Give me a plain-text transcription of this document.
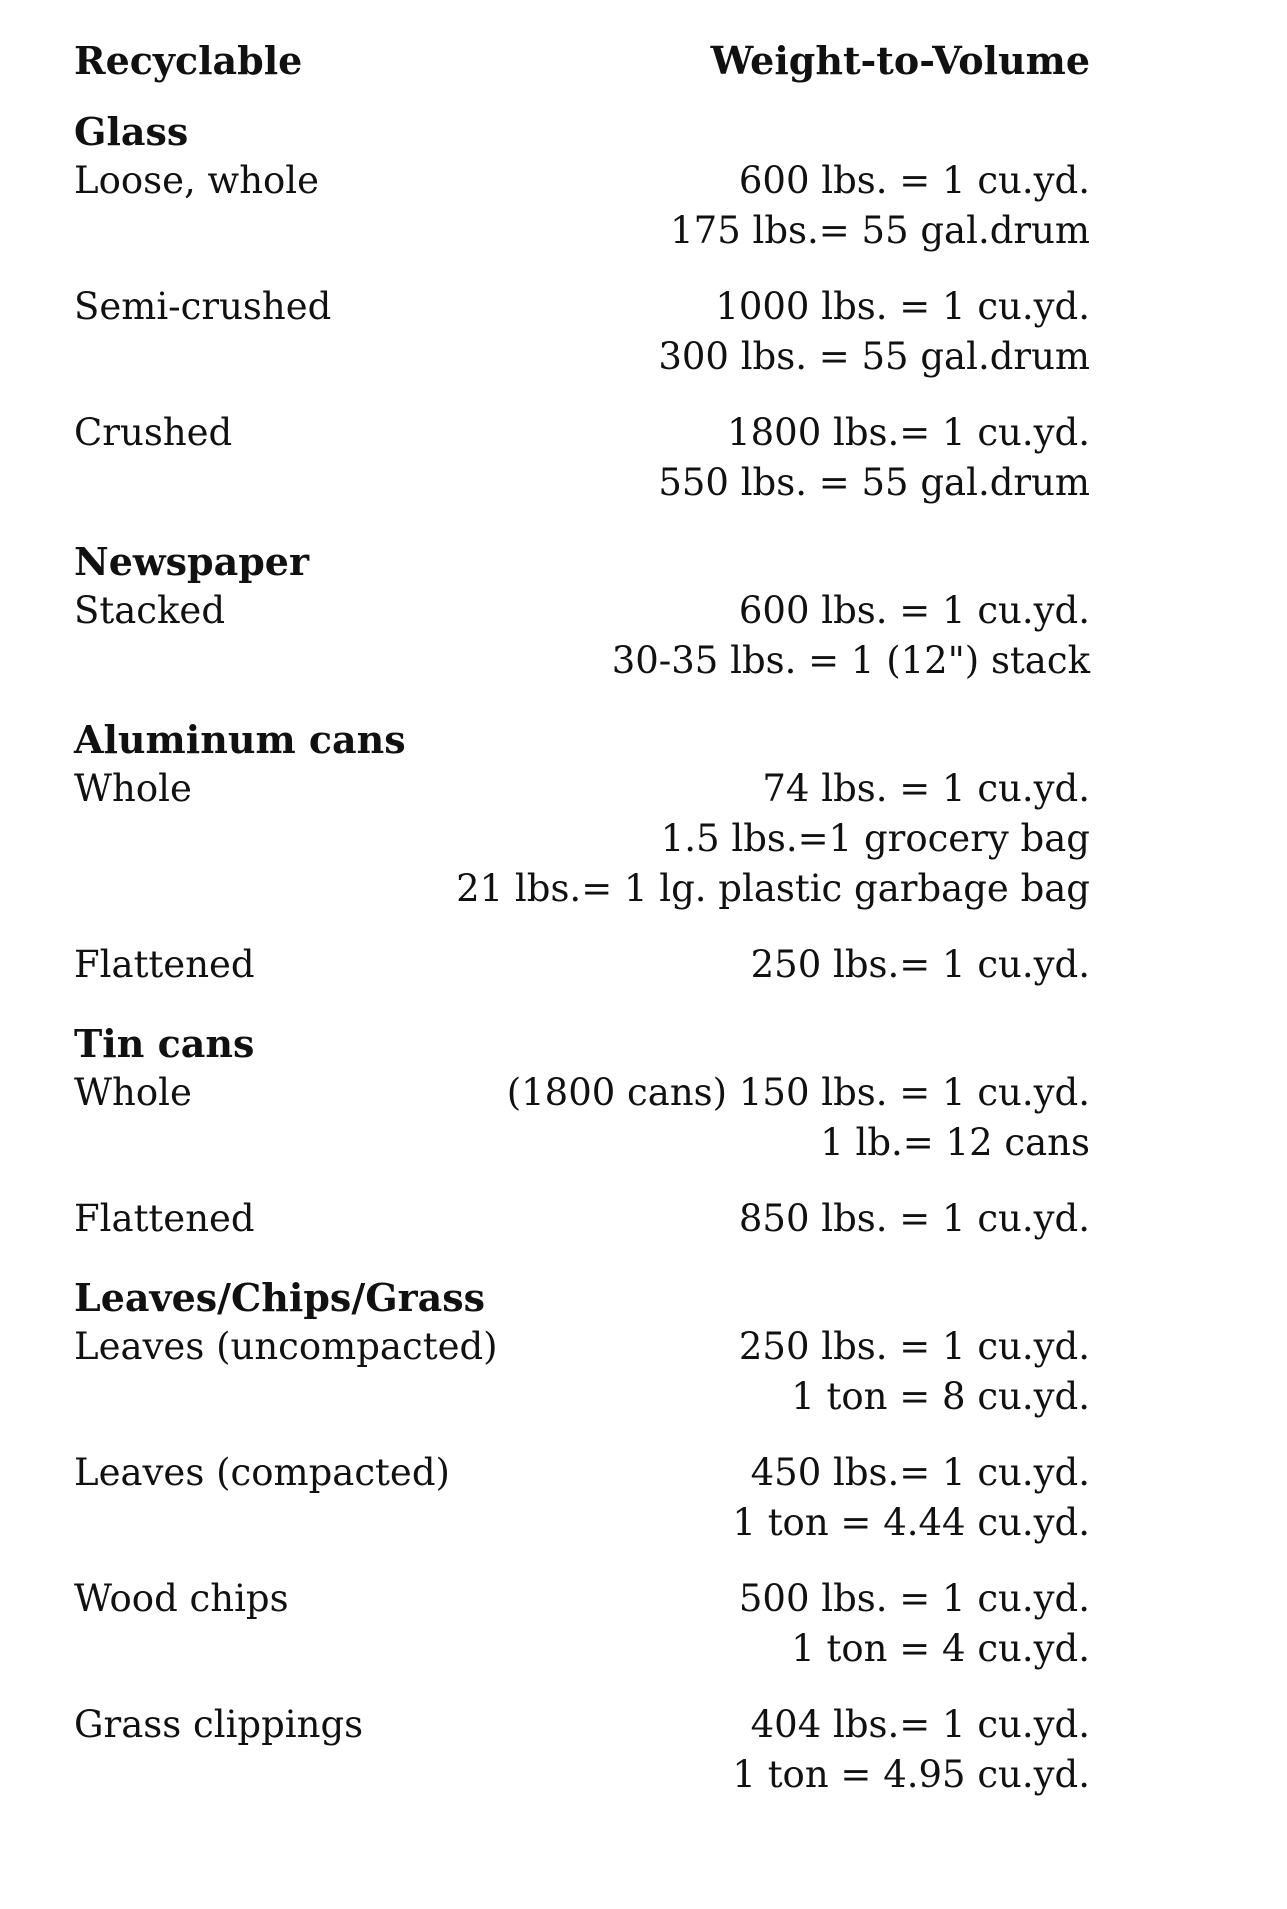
Recyclable	Weight-to-Volume
Glass
Loose, whole	600 lbs. = 1 cu.yd.
175 lbs.= 55 gal.drum
Semi-crushed	1000 lbs. = 1 cu.yd.
300 lbs. = 55 gal.drum
Crushed	1800 lbs.= 1 cu.yd.
550 lbs. = 55 gal.drum
Newspaper
Stacked	600 lbs. = 1 cu.yd.
30-35 lbs. = 1 (12") stack
Aluminum cans
Whole	74 lbs. = 1 cu.yd.
1.5 lbs.=1 grocery bag
21 lbs.= 1 lg. plastic garbage bag
Flattened	250 lbs.= 1 cu.yd.
Tin cans
Whole	(1800 cans) 150 lbs. = 1 cu.yd.
1 lb.= 12 cans
Flattened	850 lbs. = 1 cu.yd.
Leaves/Chips/Grass
Leaves (uncompacted)	250 lbs. = 1 cu.yd.
1 ton = 8 cu.yd.
Leaves (compacted)	450 lbs.= 1 cu.yd.
1 ton = 4.44 cu.yd.
Wood chips	500 lbs. = 1 cu.yd.
1 ton = 4 cu.yd.
Grass clippings	404 lbs.= 1 cu.yd.
1 ton = 4.95 cu.yd.
